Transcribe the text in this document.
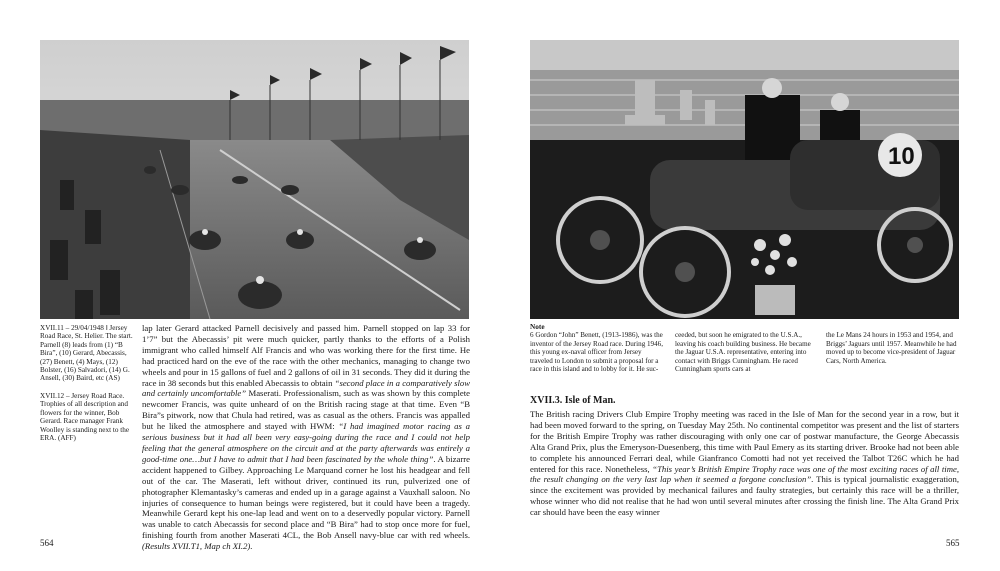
XVII.11 – 29/04/1948 ‖ Jersey Road Race, St. Helier. The start. Parnell (8) leads from (1) “B Bira”, (10) Gerard, Abecassis, (27) Benett, (4) Mays, (12) Bolster, (16) Salvadori, (14) G. Ansell, (30) Baird, etc (AS)
XVII.12 – Jersey Road Race. Trophies of all description and flowers for the winner, Bob Gerard. Race manager Frank Woolley is standing next to the ERA. (AFF)
lap later Gerard attacked Parnell decisively and passed him. Parnell stopped on lap 33 for 1’7” but the Abecassis’ pit were much quicker, partly thanks to the efforts of a Polish immigrant who called himself Alf Francis and who was working there for the first time. He had practiced hard on the eve of the race with the other mechanics, managing to change two wheels and pour in 15 gallons of fuel and 2 gallons of oil in 31 seconds. They did it during the race in 38 seconds but this enabled Abecassis to obtain “second place in a comparatively slow and certainly uncomfortable” Maserati. Professionalism, such as was shown by this complete newcomer Francis, was quite unheard of on the British racing stage at that time. Even “B Bira”s pitwork, now that Chula had retired, was as casual as the others. Francis was appalled but he liked the atmosphere and stayed with HWM: “I had imagined motor racing as a serious business but it had all been very easy-going during the race and I could not help feeling that the general atmosphere on the circuit and at the party afterwards was entirely a good-time one…but I have to admit that I had been fascinated by the whole thing”. A bizarre accident happened to Gilbey. Approaching Le Marquand corner he lost his headgear and fell out of the car. The Maserati, left without driver, continued its run, pulverized one of photographer Klemantasky’s cameras and ended up in a garage against a Vauxhall saloon. No injuries of consequence to human beings were registered, but it could have been a tragedy. Meanwhile Gerard kept his one-lap lead and went on to a deservedly popular victory. Parnell was unable to catch Abecassis for second place and “B Bira” had to stop once more for fuel, finishing fourth from another Maserati 4CL, the Bob Ansell navy-blue car with red wheels. (Results XVII.T1, Map ch XI.2).
564
10
Note
6 Gordon “John” Benett, (1913-1986), was the inventor of the Jersey Road race. During 1946, this young ex-naval officer from Jersey traveled to London to submit a proposal for a race in this island and to lobby for it. He suc-
ceeded, but soon he emigrated to the U.S.A., leaving his coach building business. He became the Jaguar U.S.A. representative, entering into contact with Briggs Cunningham. He raced Cunningham sports cars at
the Le Mans 24 hours in 1953 and 1954, and Briggs’ Jaguars until 1957. Meanwhile he had moved up to become vice-president of Jaguar Cars, North America.
XVII.3. Isle of Man.
The British racing Drivers Club Empire Trophy meeting was raced in the Isle of Man for the second year in a row, but it had been moved forward to the spring, on Tuesday May 25th. No continental competitor was present and the list of starters for the British Empire Trophy was rather discouraging with only one car of postwar manufacture, the George Abecassis Alta Grand Prix, plus the Emeryson-Duesenberg, this time with Paul Emery as its starting driver. Brooke had not been able to complete his announced Ferrari deal, while Gianfranco Comotti had not yet received the Talbot T26C which he had entered for this race. Nonetheless, “This year’s British Empire Trophy race was one of the most exciting races of all time, the result changing on the very last lap when it seemed a forgone conclusion”. This is typical journalistic exaggeration, since the excitement was provided by mechanical failures and faulty strategies, but certainly this race will be a thriller, whose winner who did not realise that he had won until several minutes after crossing the finish line. The Alta Grand Prix car should have been the easy winner
565
